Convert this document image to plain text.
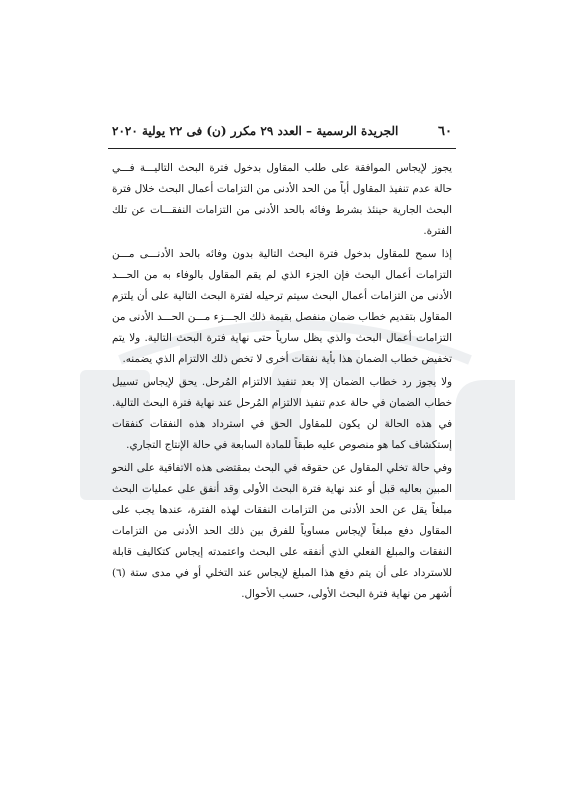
٦٠
الجريدة الرسمية – العدد ٢٩ مكرر (ن) فى ٢٢ يولية ٢٠٢٠

يجوز لإيجاس الموافقة على طلب المقاول بدخول فترة البحث التاليـــة فـــي حالة عدم تنفيذ المقاول أياً من الحد الأدنى من التزامات أعمال البحث خلال فترة البحث الجارية حينئذ بشرط وفائه بالحد الأدنى من التزامات النفقـــات عن تلك الفترة.

إذا سمح للمقاول بدخول فترة البحث التالية بدون وفائه بالحد الأدنـــى مـــن التزامات أعمال البحث فإن الجزء الذي لم يقم المقاول بالوفاء به من الحـــد الأدنى من التزامات أعمال البحث سيتم ترحيله لفترة البحث التالية على أن يلتزم المقاول بتقديم خطاب ضمان منفصل بقيمة ذلك الجـــزء مـــن الحـــد الأدنى من التزامات أعمال البحث والذي يظل سارياً حتى نهاية فترة البحث التالية. ولا يتم تخفيض خطاب الضمان هذا بأية نفقات أخرى لا تخص ذلك الالتزام الذي يضمنه.

ولا يجوز رد خطاب الضمان إلا بعد تنفيذ الالتزام المُرحل. يحق لإيجاس تسييل خطاب الضمان في حالة عدم تنفيذ الالتزام المُرحل عند نهاية فترة البحث التالية. في هذه الحالة لن يكون للمقاول الحق في استرداد هذه النفقات كنفقات إستكشاف كما هو منصوص عليه طبقاً للمادة السابعة في حالة الإنتاج التجاري.

وفي حالة تخلي المقاول عن حقوقه في البحث بمقتضى هذه الاتفاقية على النحو المبين بعاليه قبل أو عند نهاية فترة البحث الأولى وقد أنفق على عمليات البحث مبلغاً يقل عن الحد الأدنى من التزامات النفقات لهذه الفترة، عندها يجب على المقاول دفع مبلغاً لإيجاس مساوياً للفرق بين ذلك الحد الأدنى من التزامات النفقات والمبلغ الفعلي الذي أنفقه على البحث واعتمدته إيجاس كتكاليف قابلة للاسترداد على أن يتم دفع هذا المبلغ لإيجاس عند التخلي أو في مدى ستة (٦) أشهر من نهاية فترة البحث الأولى، حسب الأحوال.
